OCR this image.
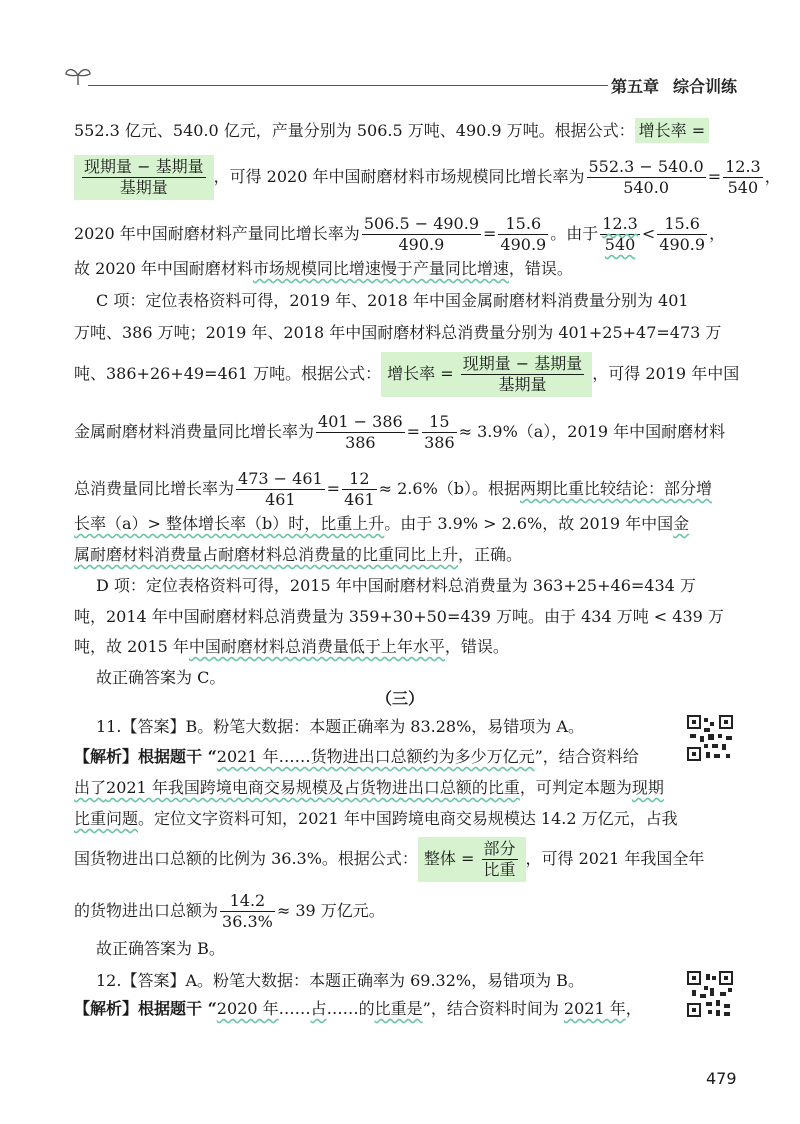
第五章 综合训练
552.3 亿元、540.0 亿元，产量分别为 506.5 万吨、490.9 万吨。根据公式： 增长率 =
$\frac{\text{现期量 − 基期量}}{\text{基期量}}$ ，可得 2020 年中国耐磨材料市场规模同比增长率为 $\frac{552.3 - 540.0}{540.0} = \frac{12.3}{540}$ ，
2020 年中国耐磨材料产量同比增长率为 $\frac{506.5 - 490.9}{490.9} = \frac{15.6}{490.9}$ 。由于 $\frac{12.3}{540} < \frac{15.6}{490.9}$ ，
故 2020 年中国耐磨材料市场规模同比增速慢于产量同比增速，错误。
C 项：定位表格资料可得，2019 年、2018 年中国金属耐磨材料消费量分别为 401
万吨、386 万吨；2019 年、2018 年中国耐磨材料总消费量分别为 401+25+47=473 万
吨、386+26+49=461 万吨。根据公式： 增长率 = $\frac{\text{现期量 − 基期量}}{\text{基期量}}$ ，可得 2019 年中国
金属耐磨材料消费量同比增长率为 $\frac{401 - 386}{386} = \frac{15}{386} \approx 3.9\%(a)$，2019 年中国耐磨材料
总消费量同比增长率为 $\frac{473 - 461}{461} = \frac{12}{461} \approx 2.6\%(b)$。根据两期比重比较结论：部分增
长率（a）> 整体增长率（b）时，比重上升。由于 3.9% > 2.6%，故 2019 年中国金
属耐磨材料消费量占耐磨材料总消费量的比重同比上升，正确。
D 项：定位表格资料可得，2015 年中国耐磨材料总消费量为 363+25+46=434 万
吨，2014 年中国耐磨材料总消费量为 359+30+50=439 万吨。由于 434 万吨 < 439 万
吨，故 2015 年中国耐磨材料总消费量低于上年水平，错误。
故正确答案为 C。
（三）
11.【答案】B。粉笔大数据：本题正确率为 83.28%，易错项为 A。
【解析】根据题干 “2021 年……货物进出口总额约为多少万亿元”，结合资料给
出了2021 年我国跨境电商交易规模及占货物进出口总额的比重，可判定本题为现期
比重问题。定位文字资料可知，2021 年中国跨境电商交易规模达 14.2 万亿元，占我
国货物进出口总额的比例为 36.3%。根据公式： 整体 = $\frac{\text{部分}}{\text{比重}}$ ，可得 2021 年我国全年
的货物进出口总额为 $\frac{14.2}{36.3\%} \approx 39$ 万亿元。
故正确答案为 B。
12.【答案】A。粉笔大数据：本题正确率为 69.32%，易错项为 B。
【解析】根据题干 “2020 年……占……的比重是”，结合资料时间为 2021 年，
479
